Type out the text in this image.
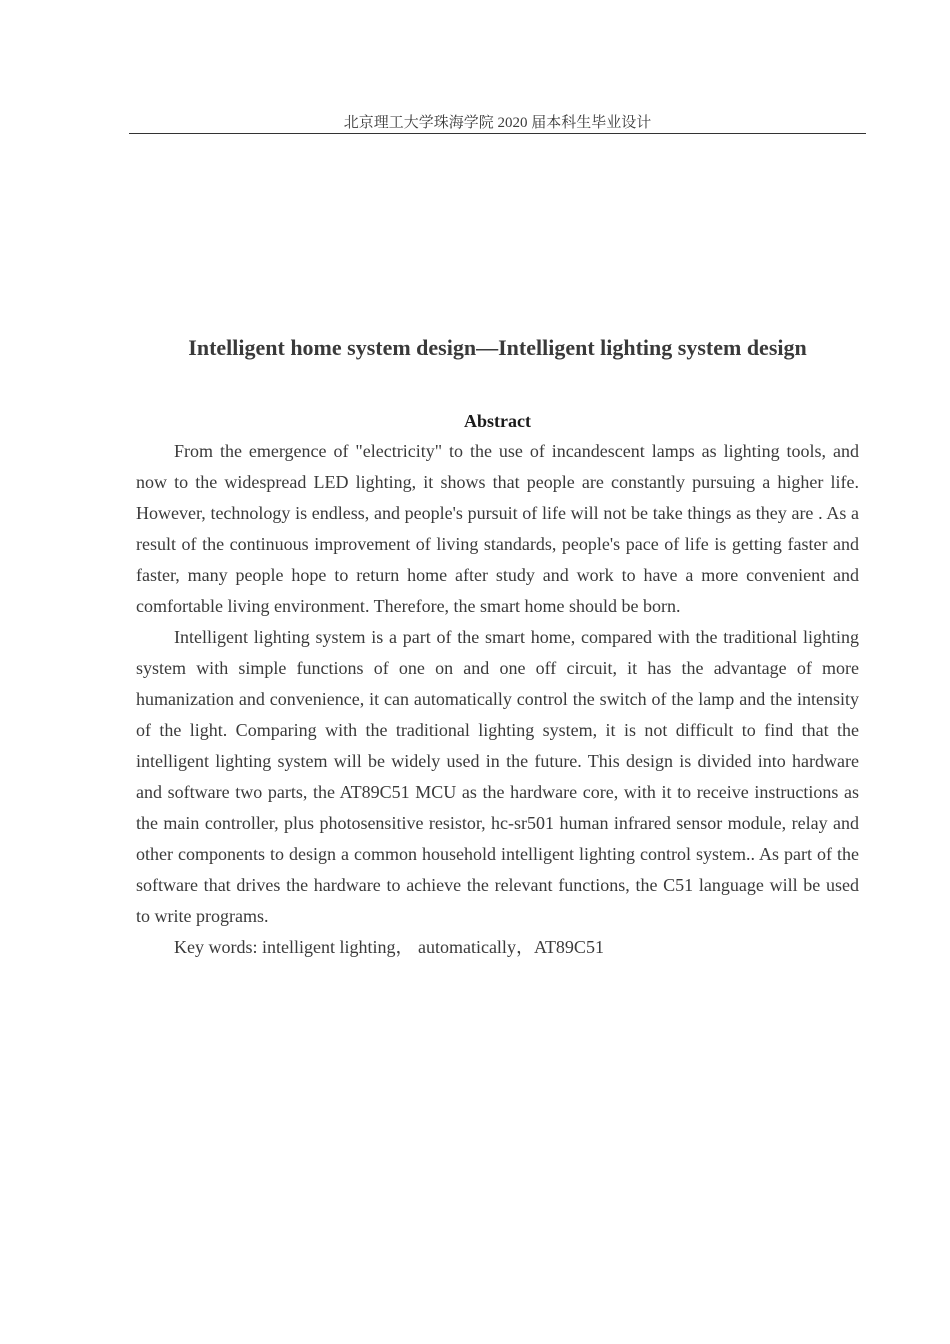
北京理工大学珠海学院 2020 届本科生毕业设计
Intelligent home system design—Intelligent lighting system design
Abstract

From the emergence of "electricity" to the use of incandescent lamps as lighting tools, and now to the widespread LED lighting, it shows that people are constantly pursuing a higher life. However, technology is endless, and people's pursuit of life will not be take things as they are . As a result of the continuous improvement of living standards, people's pace of life is getting faster and faster, many people hope to return home after study and work to have a more convenient and comfortable living environment. Therefore, the smart home should be born.

Intelligent lighting system is a part of the smart home, compared with the traditional lighting system with simple functions of one on and one off circuit, it has the advantage of more humanization and convenience, it can automatically control the switch of the lamp and the intensity of the light. Comparing with the traditional lighting system, it is not difficult to find that the intelligent lighting system will be widely used in the future. This design is divided into hardware and software two parts, the AT89C51 MCU as the hardware core, with it to receive instructions as the main controller, plus photosensitive resistor, hc-sr501 human infrared sensor module, relay and other components to design a common household intelligent lighting control system.. As part of the software that drives the hardware to achieve the relevant functions, the C51 language will be used to write programs.

Key words: intelligent lighting， automatically，AT89C51
